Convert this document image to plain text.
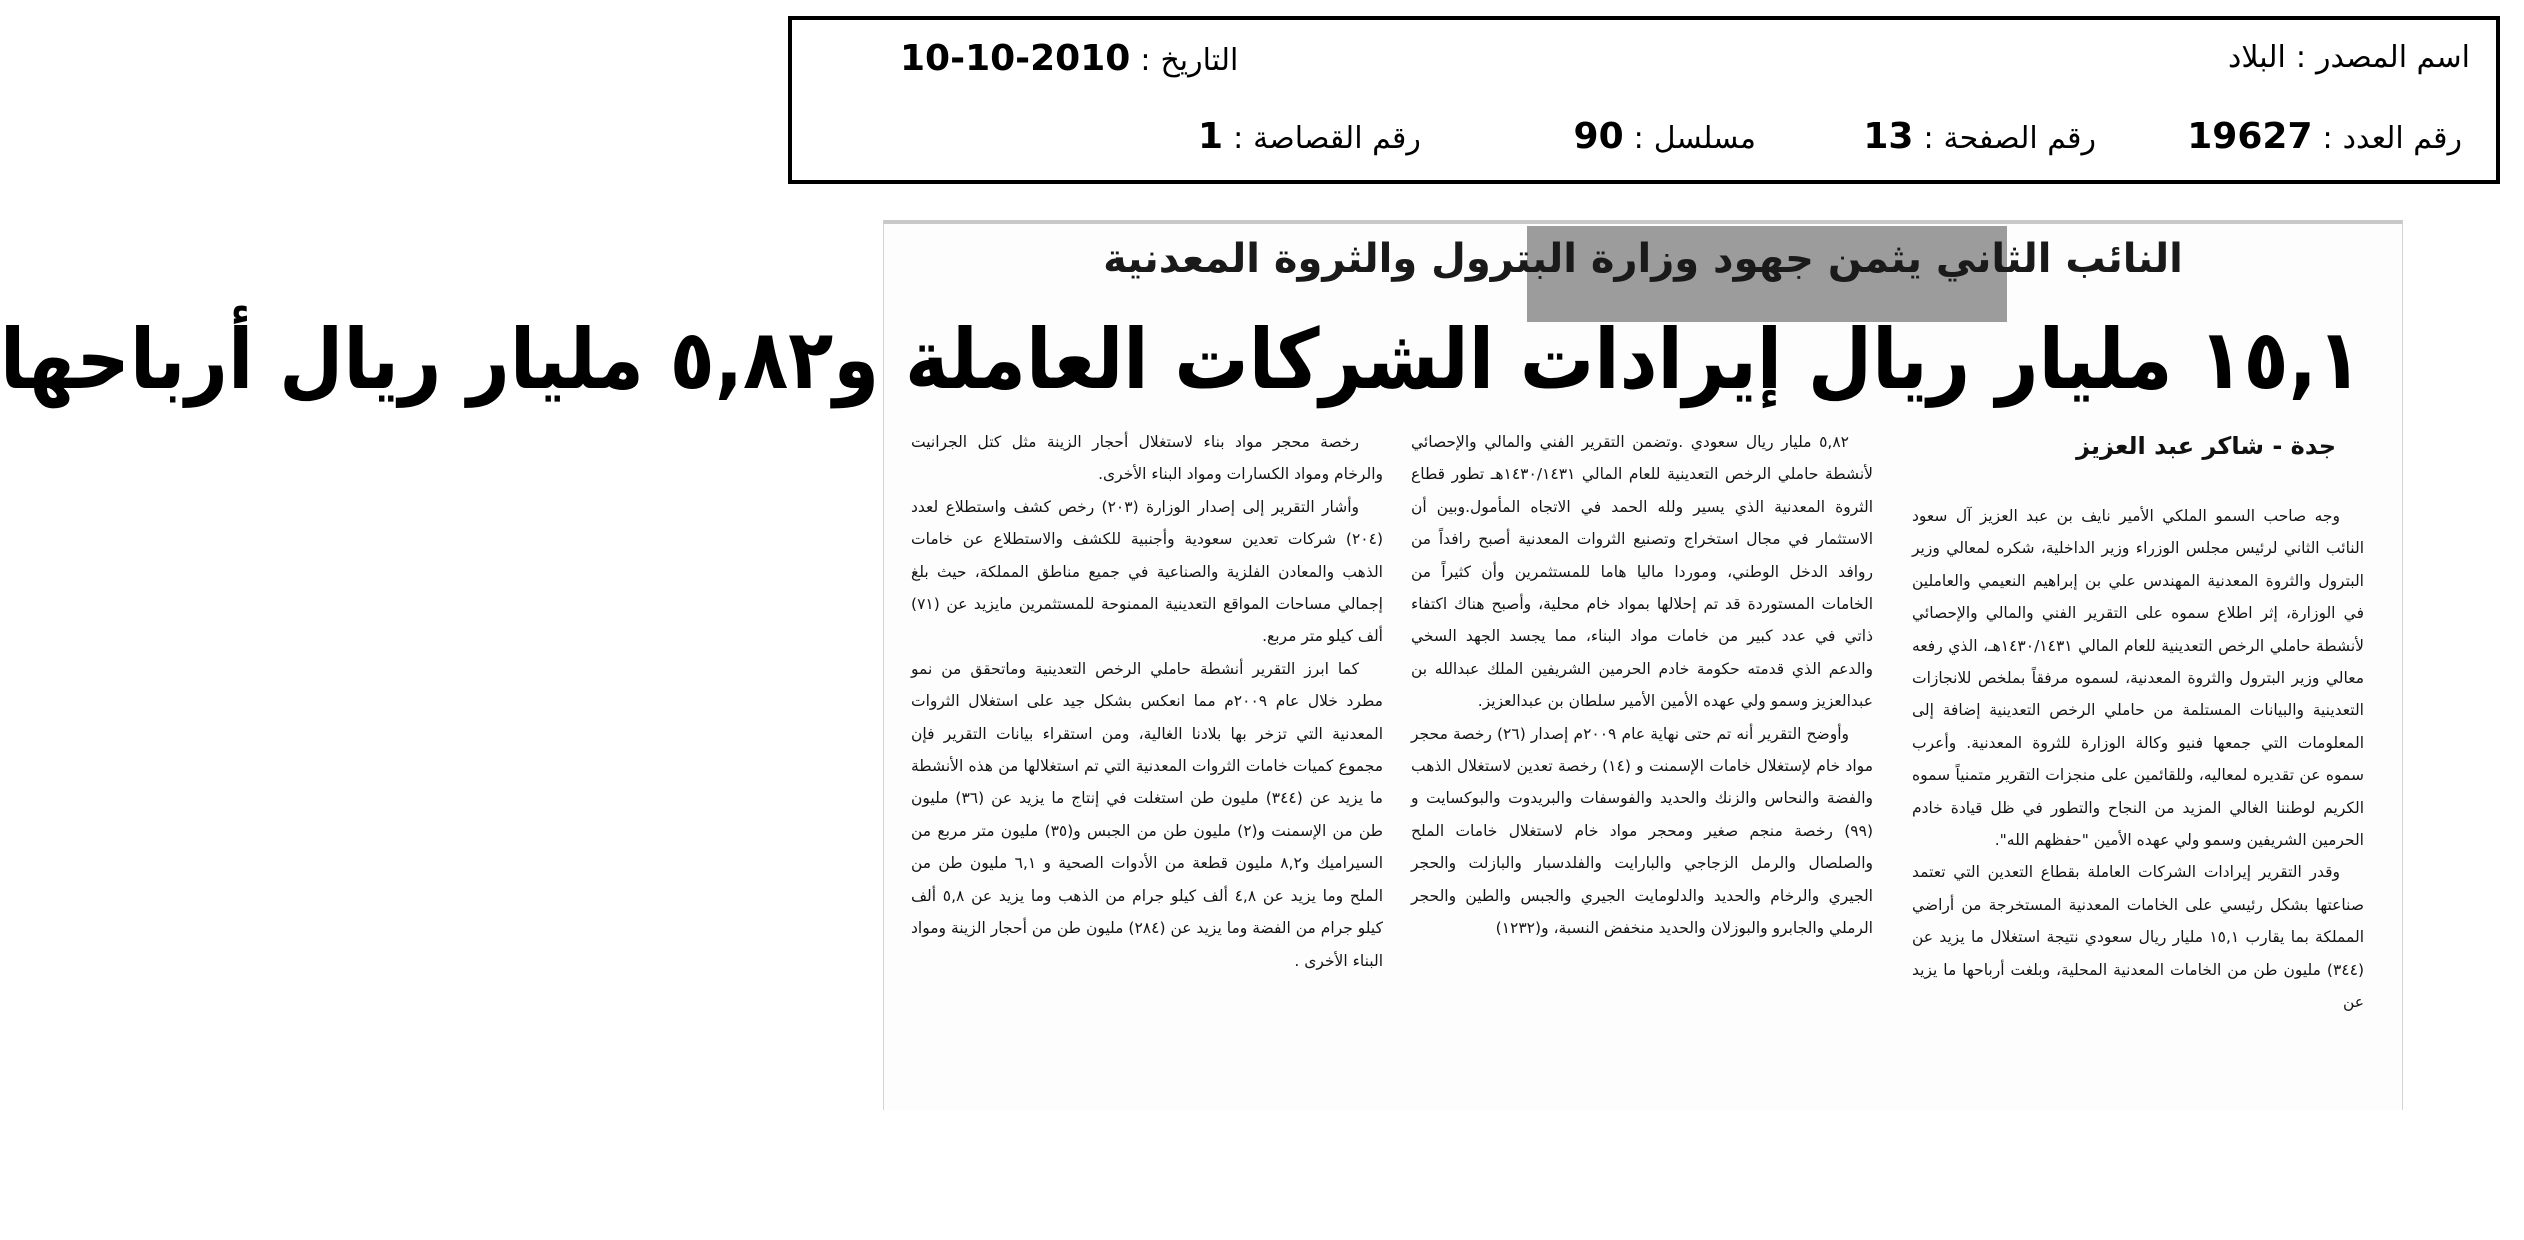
اسم المصدر:البلاد
التاريخ:2010-10-10
رقم العدد:19627
رقم الصفحة:13
مسلسل:90
رقم القصاصة:1
النائب الثاني يثمن جهود وزارة البترول والثروة المعدنية
١٥,١ مليار ريال إيرادات الشركات العاملة و٥,٨٢ مليار ريال أرباحها
جدة - شاكر عبد العزيز

وجه صاحب السمو الملكي الأمير نايف بن عبد العزيز آل سعود النائب الثاني لرئيس مجلس الوزراء وزير الداخلية، شكره لمعالي وزير البترول والثروة المعدنية المهندس علي بن إبراهيم النعيمي والعاملين في الوزارة، إثر اطلاع سموه على التقرير الفني والمالي والإحصائي لأنشطة حاملي الرخص التعدينية للعام المالي ١٤٣٠/١٤٣١هـ، الذي رفعه معالي وزير البترول والثروة المعدنية، لسموه مرفقاً بملخص للانجازات التعدينية والبيانات المستلمة من حاملي الرخص التعدينية إضافة إلى المعلومات التي جمعها فنيو وكالة الوزارة للثروة المعدنية. وأعرب سموه عن تقديره لمعاليه، وللقائمين على منجزات التقرير متمنياً سموه الكريم لوطننا الغالي المزيد من النجاح والتطور في ظل قيادة خادم الحرمين الشريفين وسمو ولي عهده الأمين "حفظهم الله".

وقدر التقرير إيرادات الشركات العاملة بقطاع التعدين التي تعتمد صناعتها بشكل رئيسي على الخامات المعدنية المستخرجة من أراضي المملكة بما يقارب ١٥,١ مليار ريال سعودي نتيجة استغلال ما يزيد عن (٣٤٤) مليون طن من الخامات المعدنية المحلية، وبلغت أرباحها ما يزيد عن

٥,٨٢ مليار ريال سعودي .وتضمن التقرير الفني والمالي والإحصائي لأنشطة حاملي الرخص التعدينية للعام المالي ١٤٣٠/١٤٣١هـ تطور قطاع الثروة المعدنية الذي يسير ولله الحمد في الاتجاه المأمول.وبين أن الاستثمار في مجال استخراج وتصنيع الثروات المعدنية أصبح رافداً من روافد الدخل الوطني، وموردا ماليا هاما للمستثمرين وأن كثيراً من الخامات المستوردة قد تم إحلالها بمواد خام محلية، وأصبح هناك اكتفاء ذاتي في عدد كبير من خامات مواد البناء، مما يجسد الجهد السخي والدعم الذي قدمته حكومة خادم الحرمين الشريفين الملك عبدالله بن عبدالعزيز وسمو ولي عهده الأمين الأمير سلطان بن عبدالعزيز.

وأوضح التقرير أنه تم حتى نهاية عام ٢٠٠٩م إصدار (٢٦) رخصة محجر مواد خام لإستغلال خامات الإسمنت و (١٤) رخصة تعدين لاستغلال الذهب والفضة والنحاس والزنك والحديد والفوسفات والبريدوت والبوكسايت و (٩٩) رخصة منجم صغير ومحجر مواد خام لاستغلال خامات الملح والصلصال والرمل الزجاجي والبارايت والفلدسبار والبازلت والحجر الجيري والرخام والحديد والدلومايت الجيري والجبس والطين والحجر الرملي والجابرو والبوزلان والحديد منخفض النسبة، و(١٢٣٢)

رخصة محجر مواد بناء لاستغلال أحجار الزينة مثل كتل الجرانيت والرخام ومواد الكسارات ومواد البناء الأخرى.

وأشار التقرير إلى إصدار الوزارة (٢٠٣) رخص كشف واستطلاع لعدد (٢٠٤) شركات تعدين سعودية وأجنبية للكشف والاستطلاع عن خامات الذهب والمعادن الفلزية والصناعية في جميع مناطق المملكة، حيث بلغ إجمالي مساحات المواقع التعدينية الممنوحة للمستثمرين مايزيد عن (٧١) ألف كيلو متر مربع.

كما ابرز التقرير أنشطة حاملي الرخص التعدينية وماتحقق من نمو مطرد خلال عام ٢٠٠٩م مما انعكس بشكل جيد على استغلال الثروات المعدنية التي تزخر بها بلادنا الغالية، ومن استقراء بيانات التقرير فإن مجموع كميات خامات الثروات المعدنية التي تم استغلالها من هذه الأنشطة ما يزيد عن (٣٤٤) مليون طن استغلت في إنتاج ما يزيد عن (٣٦) مليون طن من الإسمنت و(٢) مليون طن من الجبس و(٣٥) مليون متر مربع من السيراميك و٨,٢ مليون قطعة من الأدوات الصحية و ٦,١ مليون طن من الملح وما يزيد عن ٤,٨ ألف كيلو جرام من الذهب وما يزيد عن ٥,٨ ألف كيلو جرام من الفضة وما يزيد عن (٢٨٤) مليون طن من أحجار الزينة ومواد البناء الأخرى .
